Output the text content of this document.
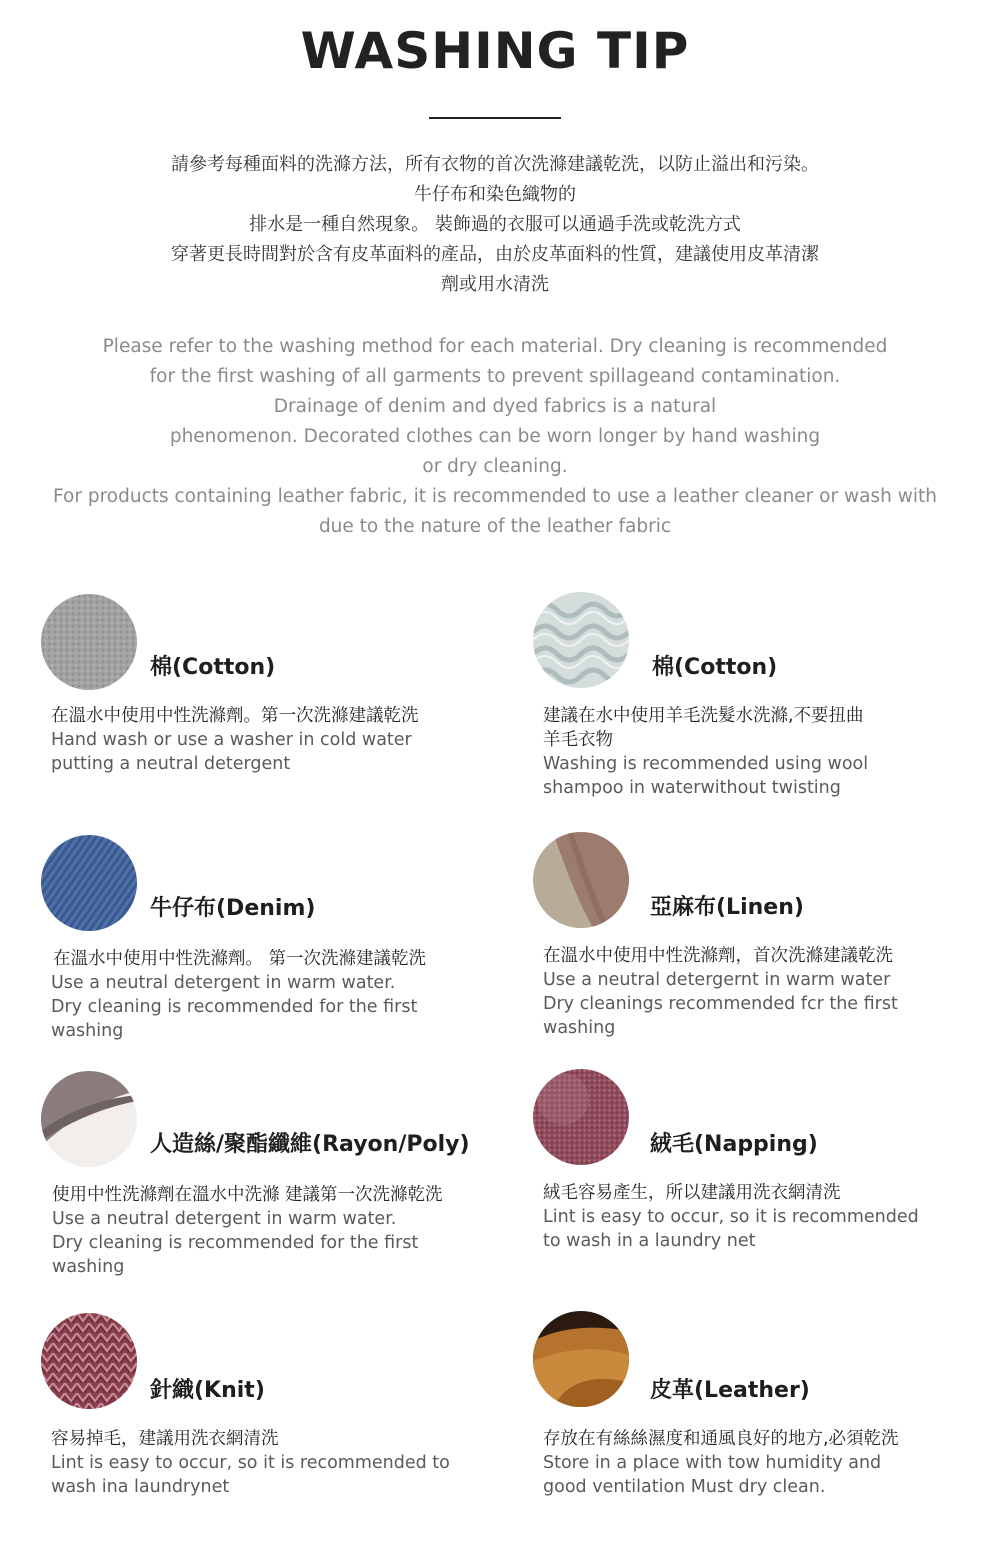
WASHING TIP
請參考每種面料的洗滌方法，所有衣物的首次洗滌建議乾洗，以防止溢出和污染。
牛仔布和染色織物的
排水是一種自然現象。 裝飾過的衣服可以通過手洗或乾洗方式
穿著更長時間對於含有皮革面料的產品，由於皮革面料的性質，建議使用皮革清潔
劑或用水清洗
Please refer to the washing method for each material. Dry cleaning is recommended
for the first washing of all garments to prevent spillageand contamination.
Drainage of denim and dyed fabrics is a natural
phenomenon. Decorated clothes can be worn longer by hand washing
or dry cleaning.
For products containing leather fabric, it is recommended to use a leather cleaner or wash with
due to the nature of the leather fabric
棉(Cotton)
在溫水中使用中性洗滌劑。第一次洗滌建議乾洗
Hand wash or use a washer in cold water
putting a neutral detergent
棉(Cotton)
建議在水中使用羊毛洗髮水洗滌,不要扭曲
羊毛衣物
Washing is recommended using wool
shampoo in waterwithout twisting
牛仔布(Denim)
在溫水中使用中性洗滌劑。 第一次洗滌建議乾洗
Use a neutral detergent in warm water.
Dry cleaning is recommended for the first
washing
亞麻布(Linen)
在溫水中使用中性洗滌劑，首次洗滌建議乾洗
Use a neutral detergernt in warm water
Dry cleanings recommended fcr the first
washing
人造絲/聚酯纖維(Rayon/Poly)
使用中性洗滌劑在溫水中洗滌 建議第一次洗滌乾洗
Use a neutral detergent in warm water.
Dry cleaning is recommended for the first
washing
絨毛(Napping)
絨毛容易產生，所以建議用洗衣網清洗
Lint is easy to occur, so it is recommended
to wash in a laundry net
針織(Knit)
容易掉毛，建議用洗衣網清洗
Lint is easy to occur, so it is recommended to
wash ina laundrynet
皮革(Leather)
存放在有絲絲濕度和通風良好的地方,必須乾洗
Store in a place with tow humidity and
good ventilation Must dry clean.
